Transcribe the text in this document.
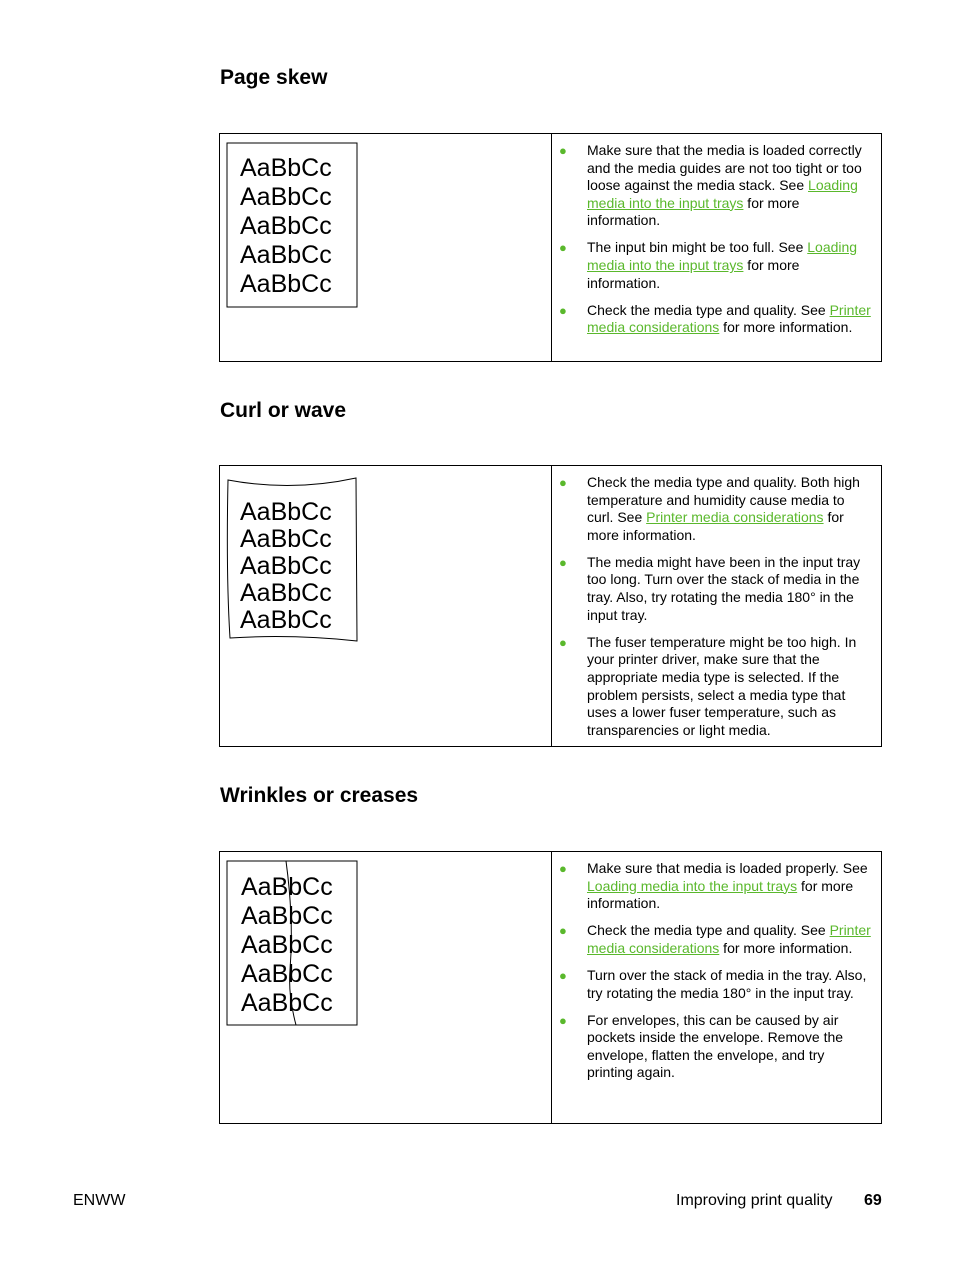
Page skew
AaBbCc
AaBbCc
AaBbCc
AaBbCc
AaBbCc
● Make sure that the media is loaded correctly and the media guides are not too tight or too loose against the media stack. See Loading media into the input trays for more information.
● The input bin might be too full. See Loading media into the input trays for more information.
● Check the media type and quality. See Printer media considerations for more information.
Curl or wave
AaBbCc
AaBbCc
AaBbCc
AaBbCc
AaBbCc
● Check the media type and quality. Both high temperature and humidity cause media to curl. See Printer media considerations for more information.
● The media might have been in the input tray too long. Turn over the stack of media in the tray. Also, try rotating the media 180° in the input tray.
● The fuser temperature might be too high. In your printer driver, make sure that the appropriate media type is selected. If the problem persists, select a media type that uses a lower fuser temperature, such as transparencies or light media.
Wrinkles or creases
AaBbCc
AaBbCc
AaBbCc
AaBbCc
AaBbCc
● Make sure that media is loaded properly. See Loading media into the input trays for more information.
● Check the media type and quality. See Printer media considerations for more information.
● Turn over the stack of media in the tray. Also, try rotating the media 180° in the input tray.
● For envelopes, this can be caused by air pockets inside the envelope. Remove the envelope, flatten the envelope, and try printing again.
ENWW	Improving print quality 69
